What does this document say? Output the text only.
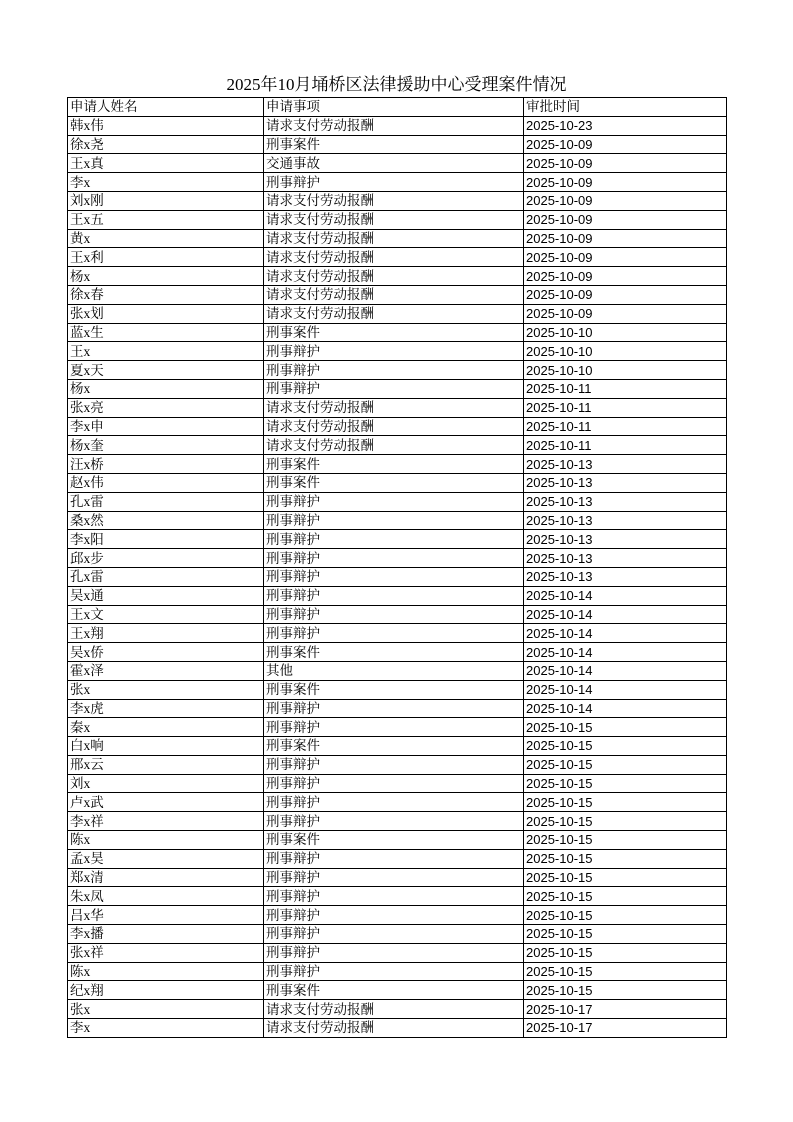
2025年10月埇桥区法律援助中心受理案件情况
申请人姓名	申请事项	审批时间
韩x伟	请求支付劳动报酬	2025-10-23
徐x尧	刑事案件	2025-10-09
王x真	交通事故	2025-10-09
李x	刑事辩护	2025-10-09
刘x刚	请求支付劳动报酬	2025-10-09
王x五	请求支付劳动报酬	2025-10-09
黄x	请求支付劳动报酬	2025-10-09
王x利	请求支付劳动报酬	2025-10-09
杨x	请求支付劳动报酬	2025-10-09
徐x春	请求支付劳动报酬	2025-10-09
张x划	请求支付劳动报酬	2025-10-09
蓝x生	刑事案件	2025-10-10
王x	刑事辩护	2025-10-10
夏x天	刑事辩护	2025-10-10
杨x	刑事辩护	2025-10-11
张x亮	请求支付劳动报酬	2025-10-11
李x申	请求支付劳动报酬	2025-10-11
杨x奎	请求支付劳动报酬	2025-10-11
汪x桥	刑事案件	2025-10-13
赵x伟	刑事案件	2025-10-13
孔x雷	刑事辩护	2025-10-13
桑x然	刑事辩护	2025-10-13
李x阳	刑事辩护	2025-10-13
邱x步	刑事辩护	2025-10-13
孔x雷	刑事辩护	2025-10-13
吴x通	刑事辩护	2025-10-14
王x文	刑事辩护	2025-10-14
王x翔	刑事辩护	2025-10-14
吴x侨	刑事案件	2025-10-14
霍x泽	其他	2025-10-14
张x	刑事案件	2025-10-14
李x虎	刑事辩护	2025-10-14
秦x	刑事辩护	2025-10-15
白x响	刑事案件	2025-10-15
邢x云	刑事辩护	2025-10-15
刘x	刑事辩护	2025-10-15
卢x武	刑事辩护	2025-10-15
李x祥	刑事辩护	2025-10-15
陈x	刑事案件	2025-10-15
孟x昊	刑事辩护	2025-10-15
郑x清	刑事辩护	2025-10-15
朱x凤	刑事辩护	2025-10-15
吕x华	刑事辩护	2025-10-15
李x播	刑事辩护	2025-10-15
张x祥	刑事辩护	2025-10-15
陈x	刑事辩护	2025-10-15
纪x翔	刑事案件	2025-10-15
张x	请求支付劳动报酬	2025-10-17
李x	请求支付劳动报酬	2025-10-17
